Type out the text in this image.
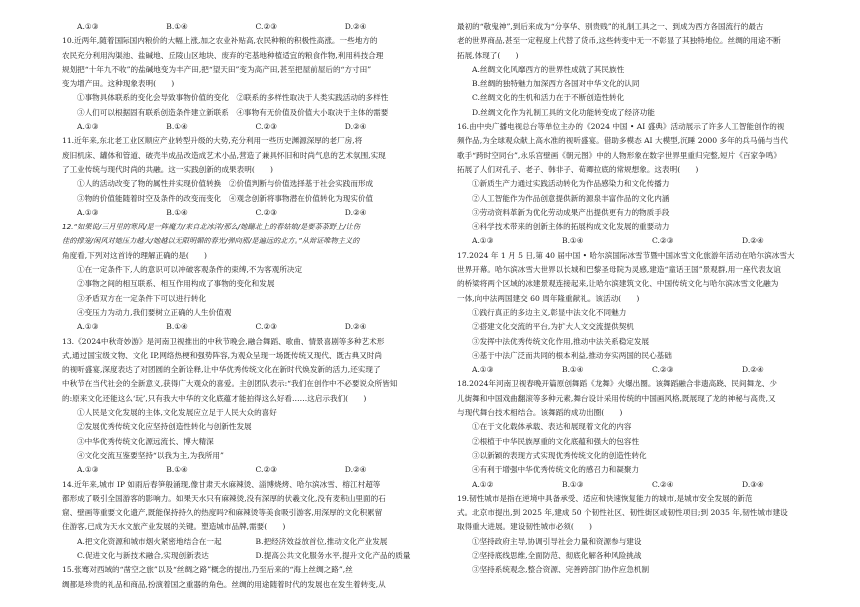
A.①③	B.①④	C.②③	D.②④
10.近两年,随着国际国内粮价的大幅上涨,加之农业补贴高,农民种粮的积极性高涨。一些地方的
农民充分利用沟渠池、盐碱地、丘陵山区地块、废弃的宅基地种植适宜的粮食作物,利用科技合理
规划把“十年九不收”的盐碱地变为丰产田,把“望天田”变为高产田,甚至把屋前屋后的“方寸田”
变为增产田。这种现象表明(　　)
①事物具体联系的变化会导致事物价值的变化　②联系的多样性取决于人类实践活动的多样性
③人们可以根据固有联系创造条件建立新联系　④事物有无价值及价值大小取决于主体的需要
A.①③	B.①④	C.②③	D.②④
11.近年来,东北老工业区顺应产业转型升级的大势,充分利用一些历史渊源深厚的老厂房,将
废旧机床、罐体和管道、破壳半成品改造成艺术小品,营造了兼具怀旧和时尚气息的艺术氛围,实现
了工业传统与现代时尚的共融。这一实践创新的成果表明(　　)
①人的活动改变了物的属性并实现价值转换　②价值判断与价值选择基于社会实践而形成
③物的价值能随着时空及条件的改变而变化　④观念创新将事物潜在价值转化为现实价值
A.①③	B.①④	C.②③	D.②④
12.“如果说/三月里的寒风/是一阵魔力/来自北冰洋/那么/她蹦北上的春姑娘/是要荼荼野上/让伤
佳的撑笼/闲风对她压力越大/她越以无限明媚的春光/弹向那/是遍远的北方。”从辩证唯物主义的
角度看,下列对这首诗的理解正确的是(　　)
①在一定条件下,人的意识可以冲破客观条件的束缚,不为客观所决定
②事物之间的相互联系、相互作用构成了事物的变化和发展
③矛盾双方在一定条件下可以进行转化
④变压力为动力,我们要树立正确的人生价值观
A.①③	B.①④	C.②③	D.②④
13.《2024中秋奇妙游》是河南卫视推出的中秋节晚会,融合舞蹈、歌曲、情景喜剧等多种艺术形
式,通过国宝级文物、文化 IP,网络热梗和强势阵容,为观众呈现一场既传统又现代、既古典又时尚
的视听盛宴,深度表达了对团圆的全新诠释,让中华优秀传统文化在新时代焕发新的活力,还实现了
中秋节在当代社会的全新意义,获得广大观众的喜爱。主创团队表示:“我们在创作中不必要说众所皆知
的:原来文化还能这么‘玩’,只有我大中华的文化底蕴才能拍得这么好看……这启示我们(　　)
①人民是文化发展的主体,文化发展应立足于人民大众的喜好
②发展优秀传统文化应坚持创造性转化与创新性发展
③中华优秀传统文化源远流长、博大精深
④文化交流互鉴要坚持“以我为主,为我所用”
A.①③	B.①④	C.②③	D.②④
14.近年来,城市 IP 如雨后春笋般涌现,像甘肃天水麻辣烫、淄博烧烤、哈尔滨冰雪、榕江村超等
都形成了吸引全国游客的影响力。如果天水只有麻辣烫,没有深厚的伏羲文化,没有麦积山里面的石
窟、壁画等重要文化遗产,既能保持持久的热度吗?和麻辣烫等美食吸引游客,用深厚的文化积累留
住游客,已成为天水文旅产业发展的关键。塑造城市品牌,需要(　　)
A.把文化资源和城市烟火紧密地结合在一起	B.把经济效益放首位,推动文化产业发展
C.促进文化与新技术融合,实现创新表达	D.提高公共文化服务水平,提升文化产品的质量
15.张骞对西域的“凿空之旅”以及“丝绸之路”概念的提出,乃至后来的“海上丝绸之路”,丝
绸都是珍贵的礼品和商品,扮演着国之重器的角色。丝绸的用途随着时代的发展也在发生着转变,从
最初的“敬鬼神”,到后来成为“分享华、别贵贱”的礼制工具之一、到成为西方各国流行的最古
老的世界商品,甚至一定程度上代替了货币,这些转变中无一不彰显了其独特地位。丝绸的用途不断
拓展,体现了(　　)
A.丝绸文化风靡西方的世界性成就了其民族性
B.丝绸的独特魅力加深西方各国对中华文化的认同
C.丝绸文化的生机和活力在于不断创造性转化
D.丝绸文化作为礼制工具的文化功能转变成了经济功能
16.由中央广播电视总台等单位主办的《2024 中国 • AI 盛典》活动展示了许多人工智能创作的视
频作品,为全球观众献上高水准的视听盛宴。借助多模态 AI 大模型,沉睡 2000 多年的兵马俑与当代
歌手“跨时空同台”,永乐宫壁画《朝元图》中的人物形象在数字世界里重归完整,短片《百家争鸣》
拓展了人们对孔子、老子、韩非子、荀卿拉底的常规想象。这表明(　　)
①新质生产力通过实践活动转化为作品感染力和文化传播力
②人工智能作为作品创意提供新的源泉丰富作品的文化内涵
③劳动资料革新为优化劳动成果产出提供更有力的物质手段
④科学技术带来的创新主体的拓展构成文化发展的重要动力
A.①③	B.①④	C.②③	D.②④
17.2024 年 1 月 5 日,第 40 届中国 • 哈尔滨国际冰雪节暨中国冰雪文化旅游年活动在哈尔滨冰雪大
世界开幕。哈尔滨冰雪大世界以长城和巴黎圣母院为灵感,建造“童话王国”景观群,用一座代表友谊
的桥梁将两个区域的冰建景观连接起来,让哈尔滨建筑文化、中国传统文化与哈尔滨冰雪文化融为
一体,向中法两国建交 60 周年隆重献礼。该活动(　　)
①践行真正的多边主义,彰显中法文化不同魅力
②搭建文化交流的平台,为扩大人文交流提供契机
③发挥中法优秀传统文化作用,推动中法关系稳定发展
④基于中法广泛而共同的根本利益,推动夯实两国的民心基础
A.①③	B.①④	C.②③	D.②④
18.2024年河南卫视春晚开篇原创舞蹈《龙舞》火爆出圈。该舞蹈融合非遗高跷、民间舞龙、少
儿街舞和中国戏曲翻滚等多种元素,舞台设计采用传统的中国画风格,既展现了龙的神秘与高贵,又
与现代舞台技术相结合。该舞蹈的成功出圈(　　)
①在于文化载体承载、表达和展现着文化的内容
②根植于中华民族厚重的文化底蕴和强大的包容性
③以新颖的表现方式实现优秀传统文化的创造性转化
④有利于增强中华优秀传统文化的感召力和凝聚力
A.①②	B.①③	C.②④	D.③④
19.韧性城市是指在逆境中具备承受、适应和快速恢复能力的城市,是城市安全发展的新范
式。北京市提出,到 2025 年,建成 50 个韧性社区、韧性街区或韧性项目;到 2035 年,韧性城市建设
取得重大进展。建设韧性城市必须(　　)
①坚持政府主导,协调引导社会力量和资源参与建设
②坚持底线思维,全面防范、彻底化解各种风险挑战
③坚持系统观念,整合资源、完善跨部门协作应急机制
